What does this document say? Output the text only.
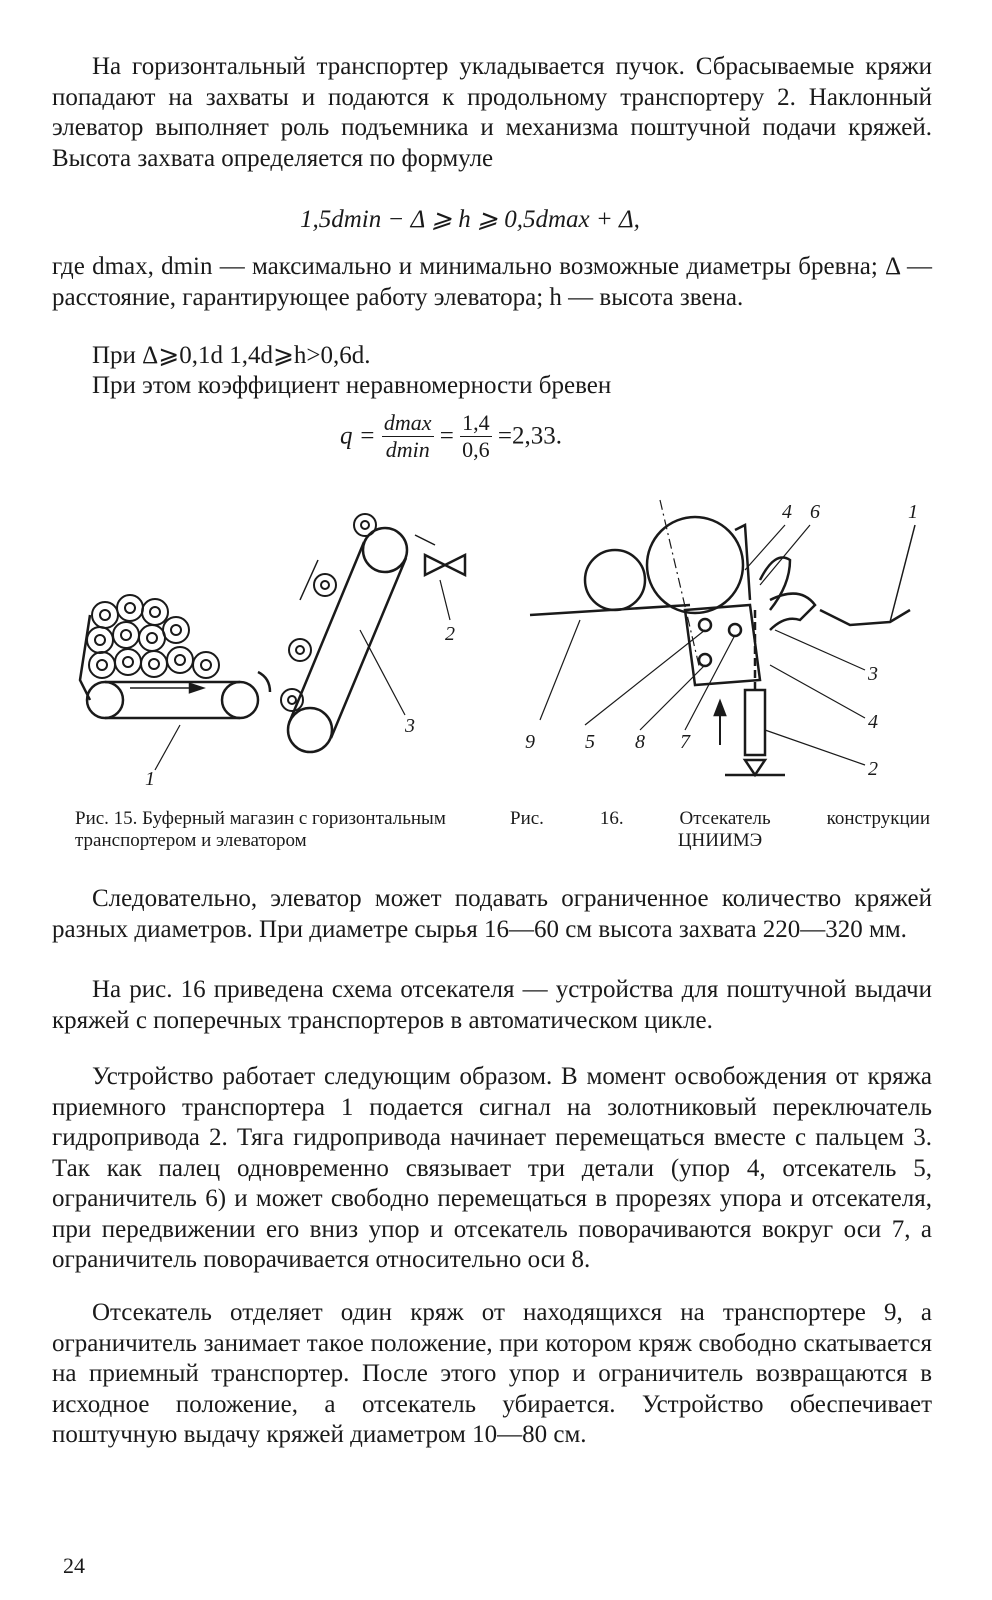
На горизонтальный транспортер укладывается пучок. Сбрасываемые кряжи попадают на захваты и подаются к продольному транспортеру 2. Наклонный элеватор выполняет роль подъемника и механизма поштучной подачи кряжей. Высота захвата определяется по формуле

1,5dmin − Δ ⩾ h ⩾ 0,5dmax + Δ,

где dmax, dmin — максимально и минимально возможные диаметры бревна; Δ — расстояние, гарантирующее работу элеватора; h — высота звена.

При Δ⩾0,1d 1,4d⩾h>0,6d.

При этом коэффициент неравномерности бревен

$q = \frac{dmax}{dmin} = \frac{1,4}{0,6} =2,33$.
1
2
3
Рис. 15. Буферный магазин с горизонтальным транспортером и элеватором
4 6	1
3
4
2
9	5 8 7
Рис. 16. Отсекатель конструкции
ЦНИИМЭ

Следовательно, элеватор может подавать ограниченное количество кряжей разных диаметров. При диаметре сырья 16—60 см высота захвата 220—320 мм.

На рис. 16 приведена схема отсекателя — устройства для поштучной выдачи кряжей с поперечных транспортеров в автоматическом цикле.

Устройство работает следующим образом. В момент освобождения от кряжа приемного транспортера 1 подается сигнал на золотниковый переключатель гидропривода 2. Тяга гидропривода начинает перемещаться вместе с пальцем 3. Так как палец одновременно связывает три детали (упор 4, отсекатель 5, ограничитель 6) и может свободно перемещаться в прорезях упора и отсекателя, при передвижении его вниз упор и отсекатель поворачиваются вокруг оси 7, а ограничитель поворачивается относительно оси 8.

Отсекатель отделяет один кряж от находящихся на транспортере 9, а ограничитель занимает такое положение, при котором кряж свободно скатывается на приемный транспортер. После этого упор и ограничитель возвращаются в исходное положение, а отсекатель убирается. Устройство обеспечивает поштучную выдачу кряжей диаметром 10—80 см.

24
